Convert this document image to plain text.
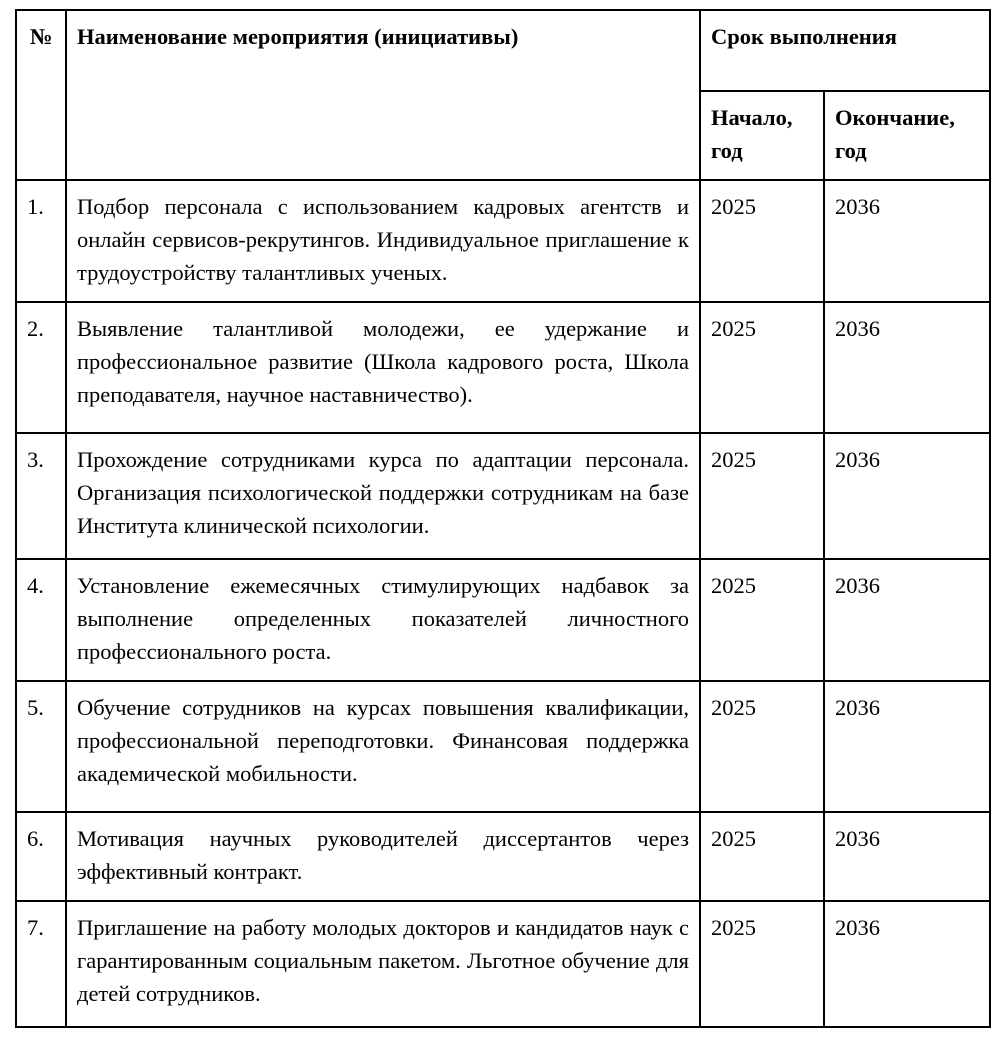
№	Наименование мероприятия (инициативы)	Срок выполнения	
		Начало, год	Окончание, год
1.	Подбор персонала с использованием кадровых агентств и онлайн сервисов-рекрутингов. Индивидуальное приглашение к трудоустройству талантливых ученых.	2025	2036
2.	Выявление талантливой молодежи, ее удержание и профессиональное развитие (Школа кадрового роста, Школа преподавателя, научное наставничество).	2025	2036
3.	Прохождение сотрудниками курса по адаптации персонала. Организация психологической поддержки сотрудникам на базе Института клинической психологии.	2025	2036
4.	Установление ежемесячных стимулирующих надбавок за выполнение определенных показателей личностного профессионального роста.	2025	2036
5.	Обучение сотрудников на курсах повышения квалификации, профессиональной переподготовки. Финансовая поддержка академической мобильности.	2025	2036
6.	Мотивация научных руководителей диссертантов через эффективный контракт.	2025	2036
7.	Приглашение на работу молодых докторов и кандидатов наук с гарантированным социальным пакетом. Льготное обучение для детей сотрудников.	2025	2036
